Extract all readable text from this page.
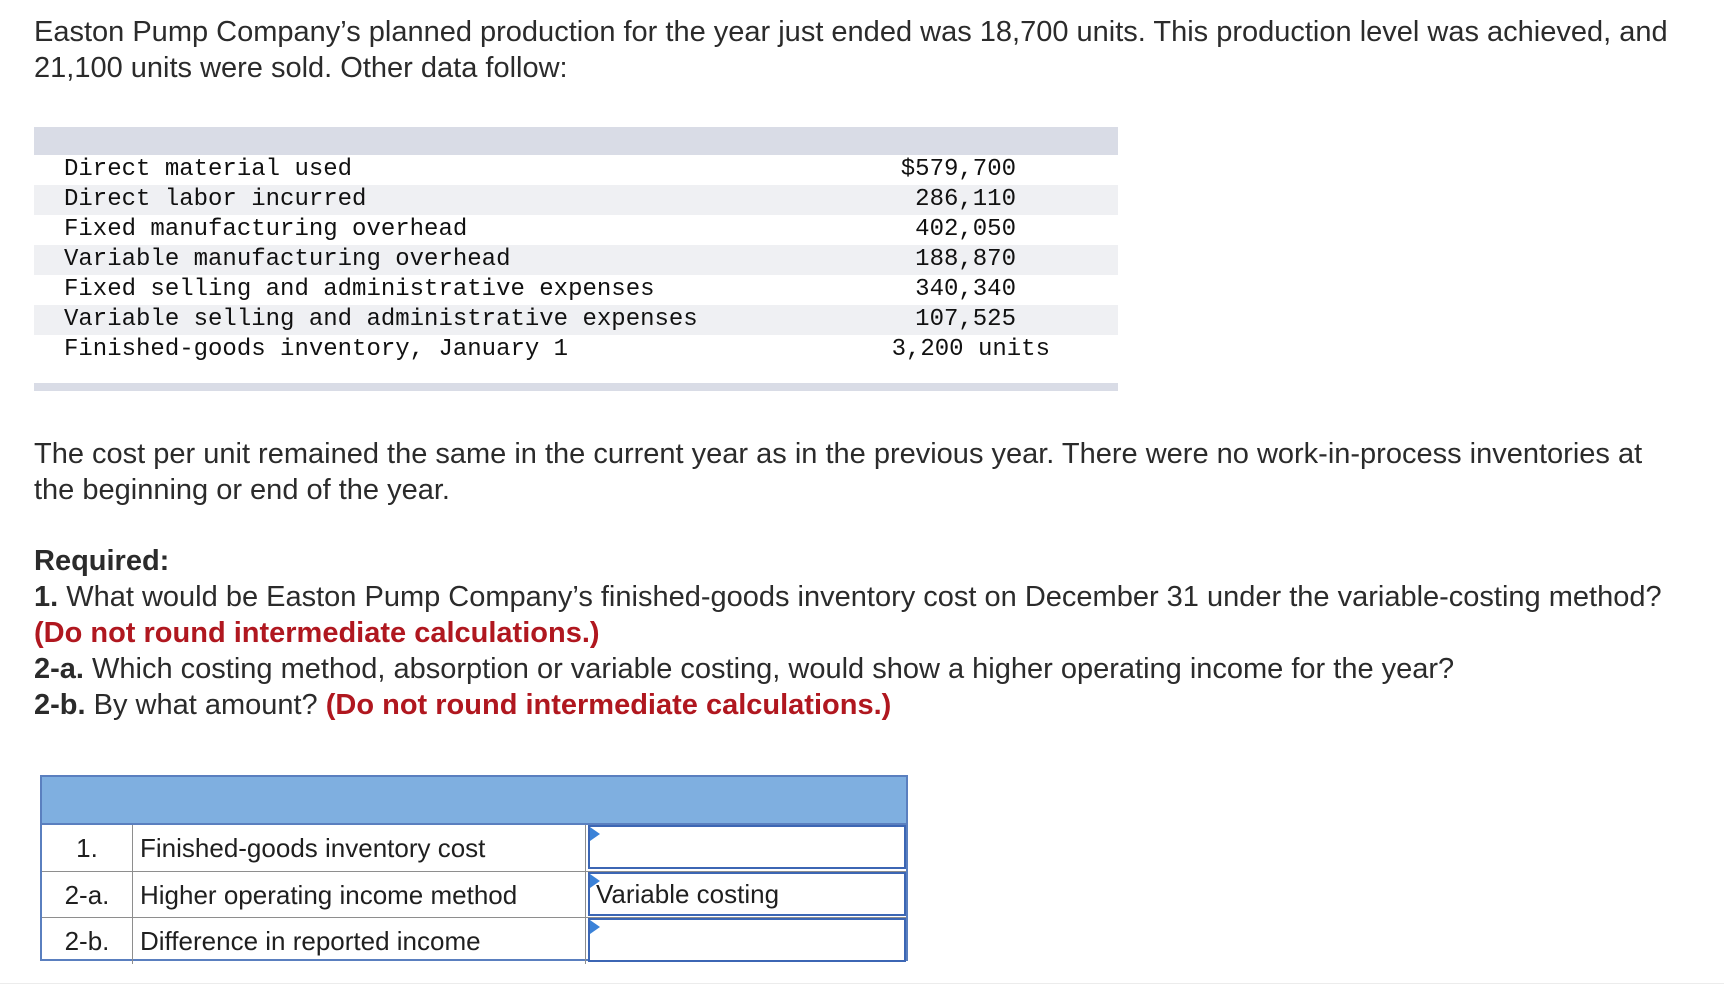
Easton Pump Company’s planned production for the year just ended was 18,700 units. This production level was achieved, and 21,100 units were sold. Other data follow:

Direct material used	$579,700
Direct labor incurred	286,110
Fixed manufacturing overhead	402,050
Variable manufacturing overhead	188,870
Fixed selling and administrative expenses	340,340
Variable selling and administrative expenses	107,525
Finished-goods inventory, January 1	3,200 units

The cost per unit remained the same in the current year as in the previous year. There were no work-in-process inventories at the beginning or end of the year.

Required:
1. What would be Easton Pump Company’s finished-goods inventory cost on December 31 under the variable-costing method? (Do not round intermediate calculations.)
2-a. Which costing method, absorption or variable costing, would show a higher operating income for the year?
2-b. By what amount? (Do not round intermediate calculations.)
1.	Finished-goods inventory cost
2-a.	Higher operating income method	Variable costing
2-b.	Difference in reported income
